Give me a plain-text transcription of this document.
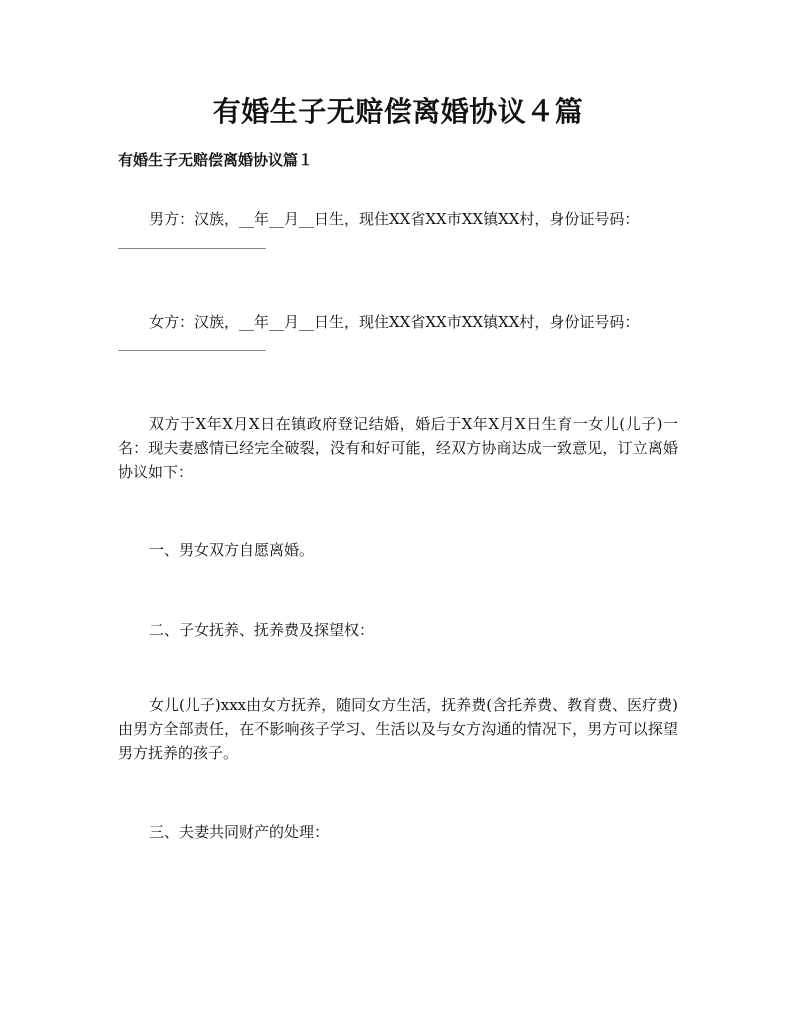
有婚生子无赔偿离婚协议４篇
有婚生子无赔偿离婚协议篇１

男方：汉族，__年__月__日生，现住XX省XX市XX镇XX村，身份证号码：

女方：汉族，__年__月__日生，现住XX省XX市XX镇XX村，身份证号码：

双方于X年X月X日在镇政府登记结婚，婚后于X年X月X日生育一女儿(儿子)一名：现夫妻感情已经完全破裂，没有和好可能，经双方协商达成一致意见，订立离婚协议如下：

一、男女双方自愿离婚。

二、子女抚养、抚养费及探望权：

女儿(儿子)xxx由女方抚养，随同女方生活，抚养费(含托养费、教育费、医疗费)由男方全部责任，在不影响孩子学习、生活以及与女方沟通的情况下，男方可以探望男方抚养的孩子。

三、夫妻共同财产的处理：
